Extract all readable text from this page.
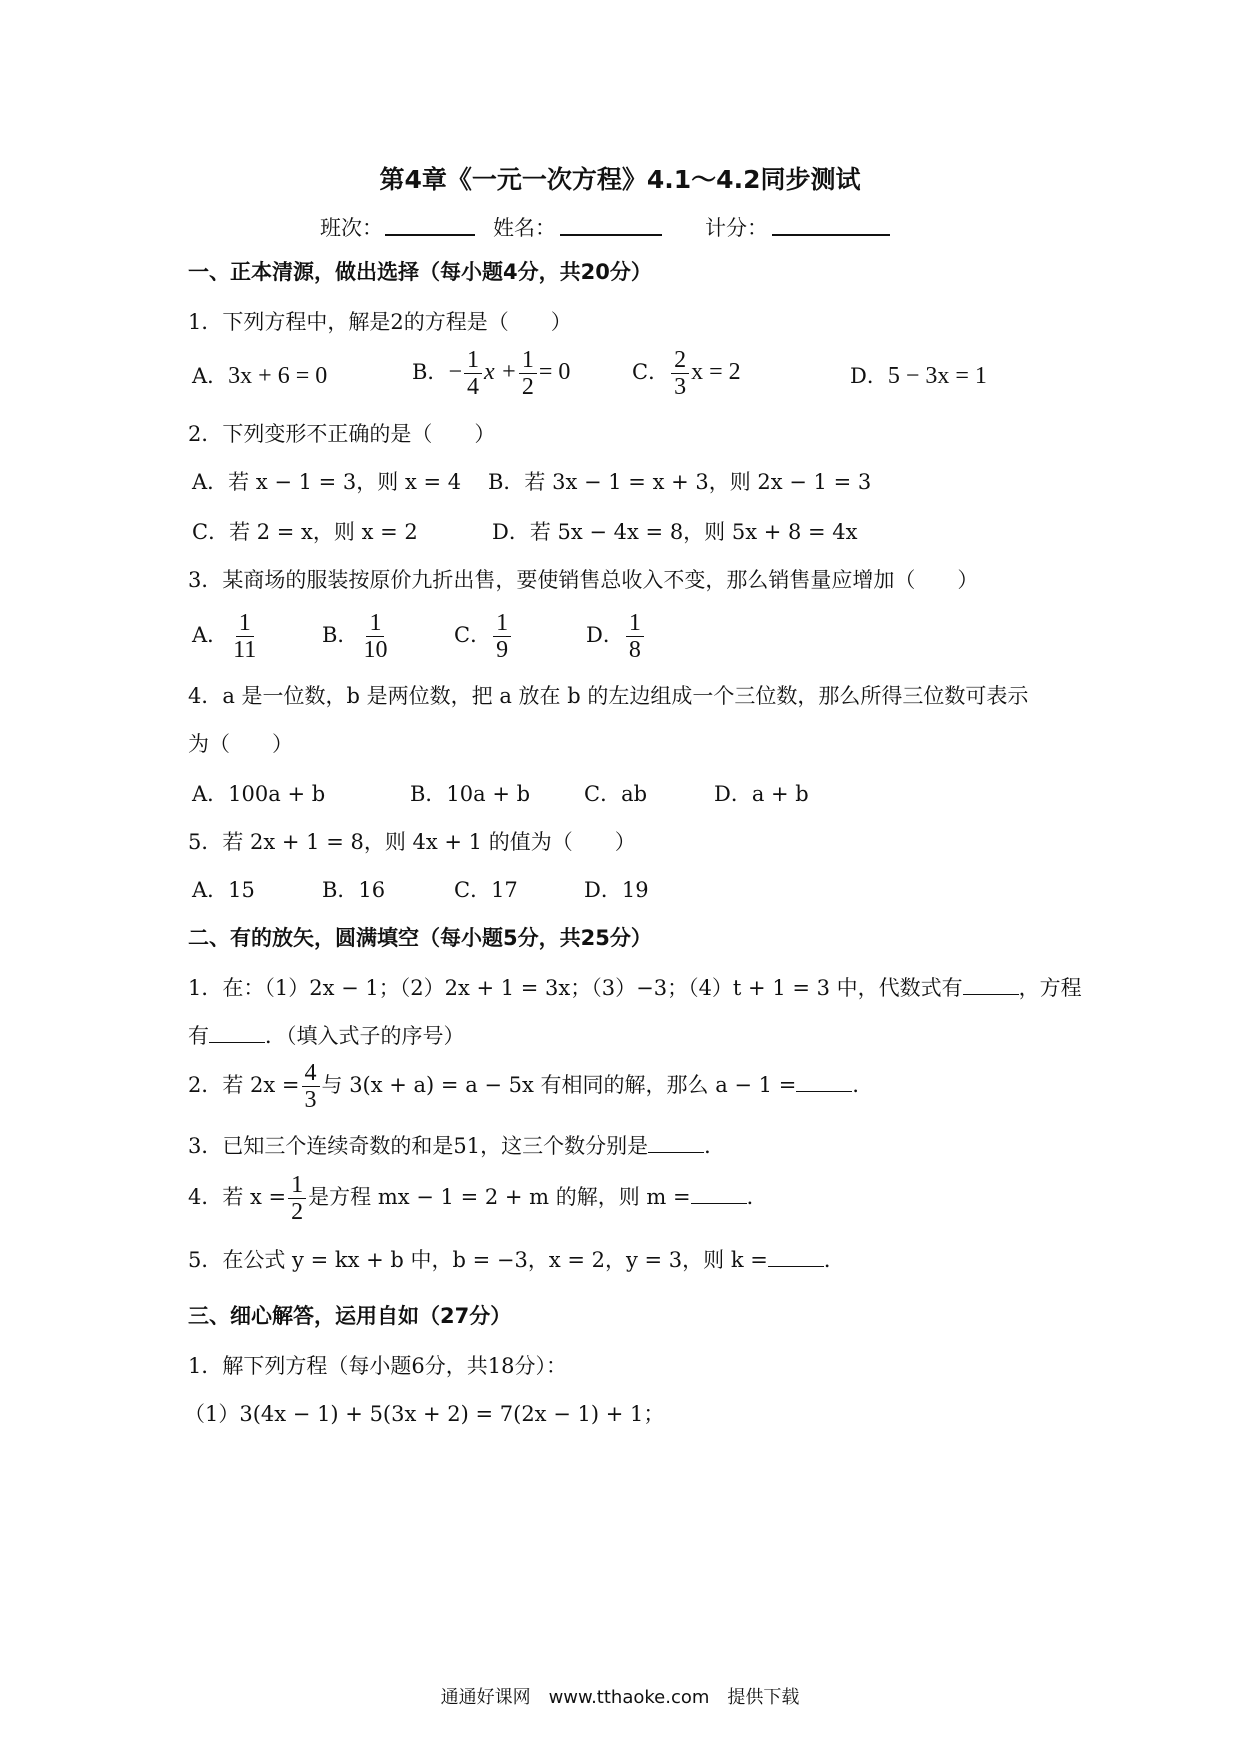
第4章《一元一次方程》4.1～4.2同步测试
班次：	姓名：	计分：
一、正本清源，做出选择（每小题4分，共20分）
1．下列方程中，解是2的方程是（　　）
A．3x + 6 = 0	B．− $\frac{1}{4}$ $x + \frac{1}{2} = 0$	C． $\frac{2}{3}$ x = 2	D．5 − 3x = 1
2．下列变形不正确的是（　　）
A．若 x − 1 = 3，则 x = 4 B．若 3x − 1 = x + 3，则 2x − 1 = 3
C．若 2 = x，则 x = 2	D．若 5x − 4x = 8，则 5x + 8 = 4x
3．某商场的服装按原价九折出售，要使销售总收入不变，那么销售量应增加（　　）
A． $\frac{1}{11}$	B． $\frac{1}{10}$	C． $\frac{1}{9}$	D． $\frac{1}{8}$
4．a 是一位数，b 是两位数，把 a 放在 b 的左边组成一个三位数，那么所得三位数可表示
为（　　）
A．100a + b	B．10a + b	C．ab	D．a + b
5．若 2x + 1 = 8，则 4x + 1 的值为（　　）
A．15	B．16	C．17	D．19
二、有的放矢，圆满填空（每小题5分，共25分）
1．在：（1）2x − 1；（2）2x + 1 = 3x；（3）−3；（4）t + 1 = 3 中，代数式有	，方程
有	．（填入式子的序号）
2．若 $2x = \frac{4}{3}$ 与 3(x + a) = a − 5x 有相同的解，那么 a − 1 =	．
3．已知三个连续奇数的和是51，这三个数分别是	．
4．若 $x = \frac{1}{2}$ 是方程 mx − 1 = 2 + m 的解，则 m =	．
5．在公式 y = kx + b 中，b = −3，x = 2，y = 3，则 k =	．
三、细心解答，运用自如（27分）
1．解下列方程（每小题6分，共18分）：
（1）3(4x − 1) + 5(3x + 2) = 7(2x − 1) + 1；
通通好课网　www.tthaoke.com　提供下载
